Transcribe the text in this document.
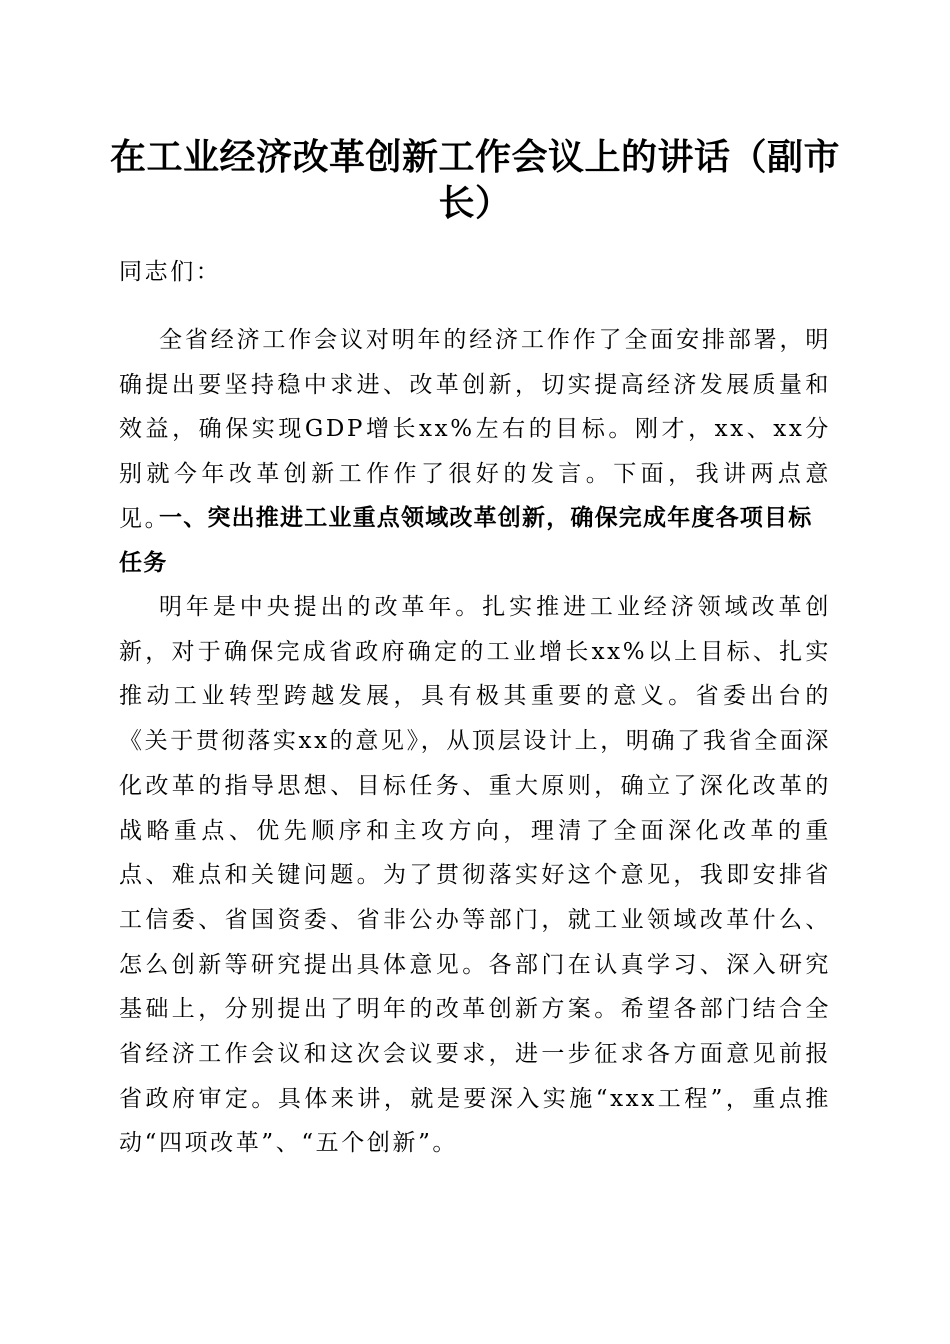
在工业经济改革创新工作会议上的讲话（副市长）
同志们：
全省经济工作会议对明年的经济工作作了全面安排部署，明确提出要坚持稳中求进、改革创新，切实提高经济发展质量和效益，确保实现GDP增长xx%左右的目标。刚才，xx、xx分别就今年改革创新工作作了很好的发言。下面，我讲两点意见。
一、突出推进工业重点领域改革创新，确保完成年度各项目标任务
明年是中央提出的改革年。扎实推进工业经济领域改革创新，对于确保完成省政府确定的工业增长xx%以上目标、扎实推动工业转型跨越发展，具有极其重要的意义。省委出台的《关于贯彻落实xx的意见》，从顶层设计上，明确了我省全面深化改革的指导思想、目标任务、重大原则，确立了深化改革的战略重点、优先顺序和主攻方向，理清了全面深化改革的重点、难点和关键问题。为了贯彻落实好这个意见，我即安排省工信委、省国资委、省非公办等部门，就工业领域改革什么、怎么创新等研究提出具体意见。各部门在认真学习、深入研究基础上，分别提出了明年的改革创新方案。希望各部门结合全省经济工作会议和这次会议要求，进一步征求各方面意见前报省政府审定。具体来讲，就是要深入实施“xxx工程”，重点推动“四项改革”、“五个创新”。
